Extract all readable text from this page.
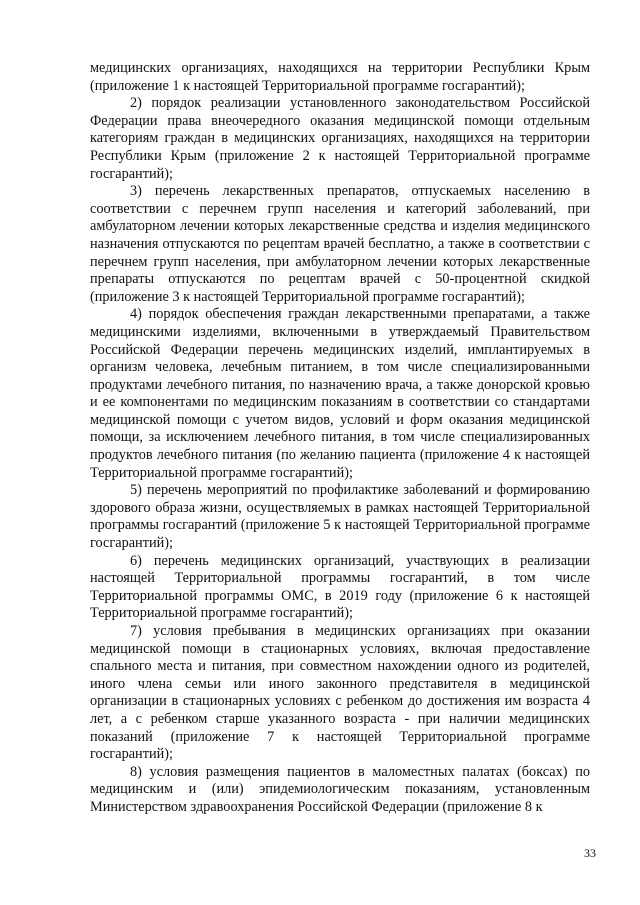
медицинских организациях, находящихся на территории Республики Крым (приложение 1 к настоящей Территориальной программе госгарантий);

2) порядок реализации установленного законодательством Российской Федерации права внеочередного оказания медицинской помощи отдельным категориям граждан в медицинских организациях, находящихся на территории Республики Крым (приложение 2 к настоящей Территориальной программе госгарантий);

3) перечень лекарственных препаратов, отпускаемых населению в соответствии с перечнем групп населения и категорий заболеваний, при амбулаторном лечении которых лекарственные средства и изделия медицинского назначения отпускаются по рецептам врачей бесплатно, а также в соответствии с перечнем групп населения, при амбулаторном лечении которых лекарственные препараты отпускаются по рецептам врачей с 50-процентной скидкой (приложение 3 к настоящей Территориальной программе госгарантий);

4) порядок обеспечения граждан лекарственными препаратами, а также медицинскими изделиями, включенными в утверждаемый Правительством Российской Федерации перечень медицинских изделий, имплантируемых в организм человека, лечебным питанием, в том числе специализированными продуктами лечебного питания, по назначению врача, а также донорской кровью и ее компонентами по медицинским показаниям в соответствии со стандартами медицинской помощи с учетом видов, условий и форм оказания медицинской помощи, за исключением лечебного питания, в том числе специализированных продуктов лечебного питания (по желанию пациента (приложение 4 к настоящей Территориальной программе госгарантий);

5) перечень мероприятий по профилактике заболеваний и формированию здорового образа жизни, осуществляемых в рамках настоящей Территориальной программы госгарантий (приложение 5 к настоящей Территориальной программе госгарантий);

6) перечень медицинских организаций, участвующих в реализации настоящей Территориальной программы госгарантий, в том числе Территориальной программы ОМС, в 2019 году (приложение 6 к настоящей Территориальной программе госгарантий);

7) условия пребывания в медицинских организациях при оказании медицинской помощи в стационарных условиях, включая предоставление спального места и питания, при совместном нахождении одного из родителей, иного члена семьи или иного законного представителя в медицинской организации в стационарных условиях с ребенком до достижения им возраста 4 лет, а с ребенком старше указанного возраста - при наличии медицинских показаний (приложение 7 к настоящей Территориальной программе госгарантий);

8) условия размещения пациентов в маломестных палатах (боксах) по медицинским и (или) эпидемиологическим показаниям, установленным Министерством здравоохранения Российской Федерации (приложение 8 к

33
